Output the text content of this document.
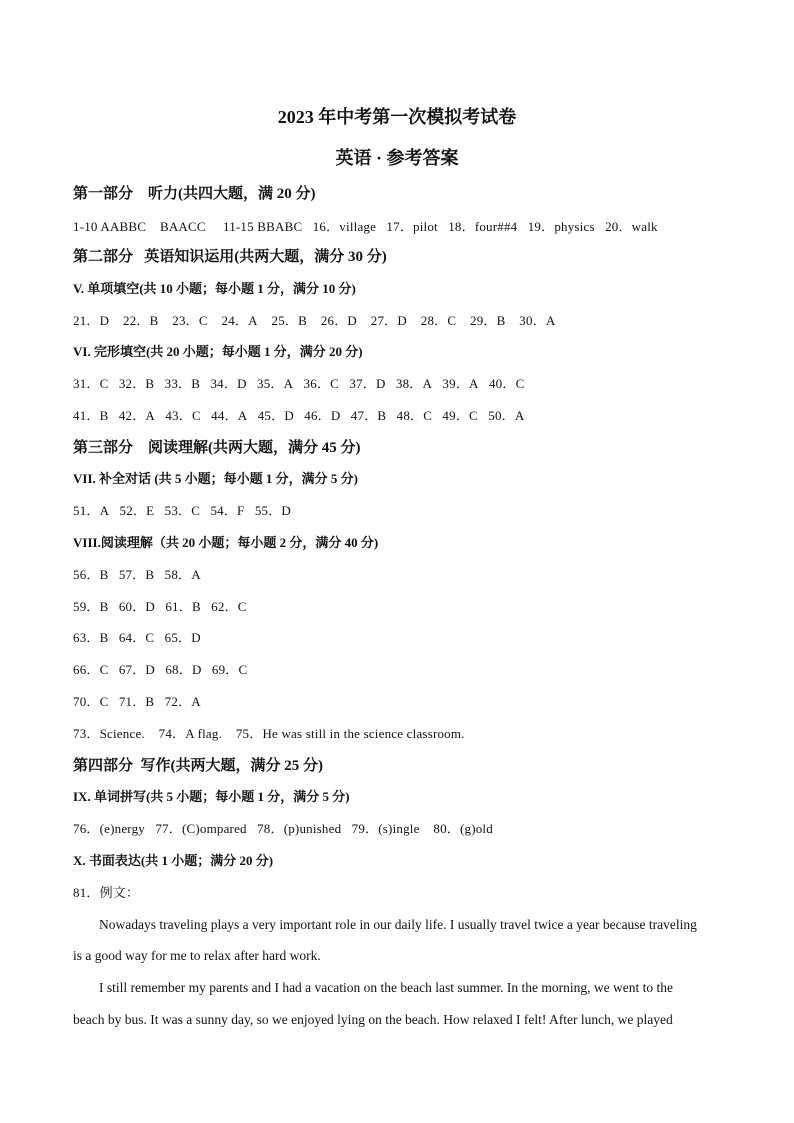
2023 年中考第一次模拟考试卷
英语 · 参考答案
第一部分    听力(共四大题，满 20 分)
1-10 AABBC    BAACC     11-15 BBABC   16．village   17．pilot   18．four##4   19．physics   20．walk
第二部分   英语知识运用(共两大题，满分 30 分)
V. 单项填空(共 10 小题；每小题 1 分，满分 10 分)
21．D    22．B    23．C    24．A    25．B    26．D    27．D    28．C    29．B    30．A
VI. 完形填空(共 20 小题；每小题 1 分，满分 20 分)
31．C   32．B   33．B   34．D   35．A   36．C   37．D   38．A   39．A   40．C
41．B   42．A   43．C   44．A   45．D   46．D   47．B   48．C   49．C   50．A
第三部分    阅读理解(共两大题，满分 45 分)
VII. 补全对话 (共 5 小题；每小题 1 分，满分 5 分)
51．A   52．E   53．C   54．F   55．D
VIII.阅读理解（共 20 小题；每小题 2 分，满分 40 分)
56．B   57．B   58．A
59．B   60．D   61．B   62．C
63．B   64．C   65．D
66．C   67．D   68．D   69．C
70．C   71．B   72．A
73．Science.    74．A flag.    75．He was still in the science classroom.
第四部分  写作(共两大题，满分 25 分)
IX. 单词拼写(共 5 小题；每小题 1 分，满分 5 分)
76．(e)nergy   77．(C)ompared   78．(p)unished   79．(s)ingle    80．(g)old
X. 书面表达(共 1 小题；满分 20 分)
81．例文：
Nowadays traveling plays a very important role in our daily life. I usually travel twice a year because traveling
is a good way for me to relax after hard work.
I still remember my parents and I had a vacation on the beach last summer. In the morning, we went to the
beach by bus. It was a sunny day, so we enjoyed lying on the beach. How relaxed I felt! After lunch, we played
